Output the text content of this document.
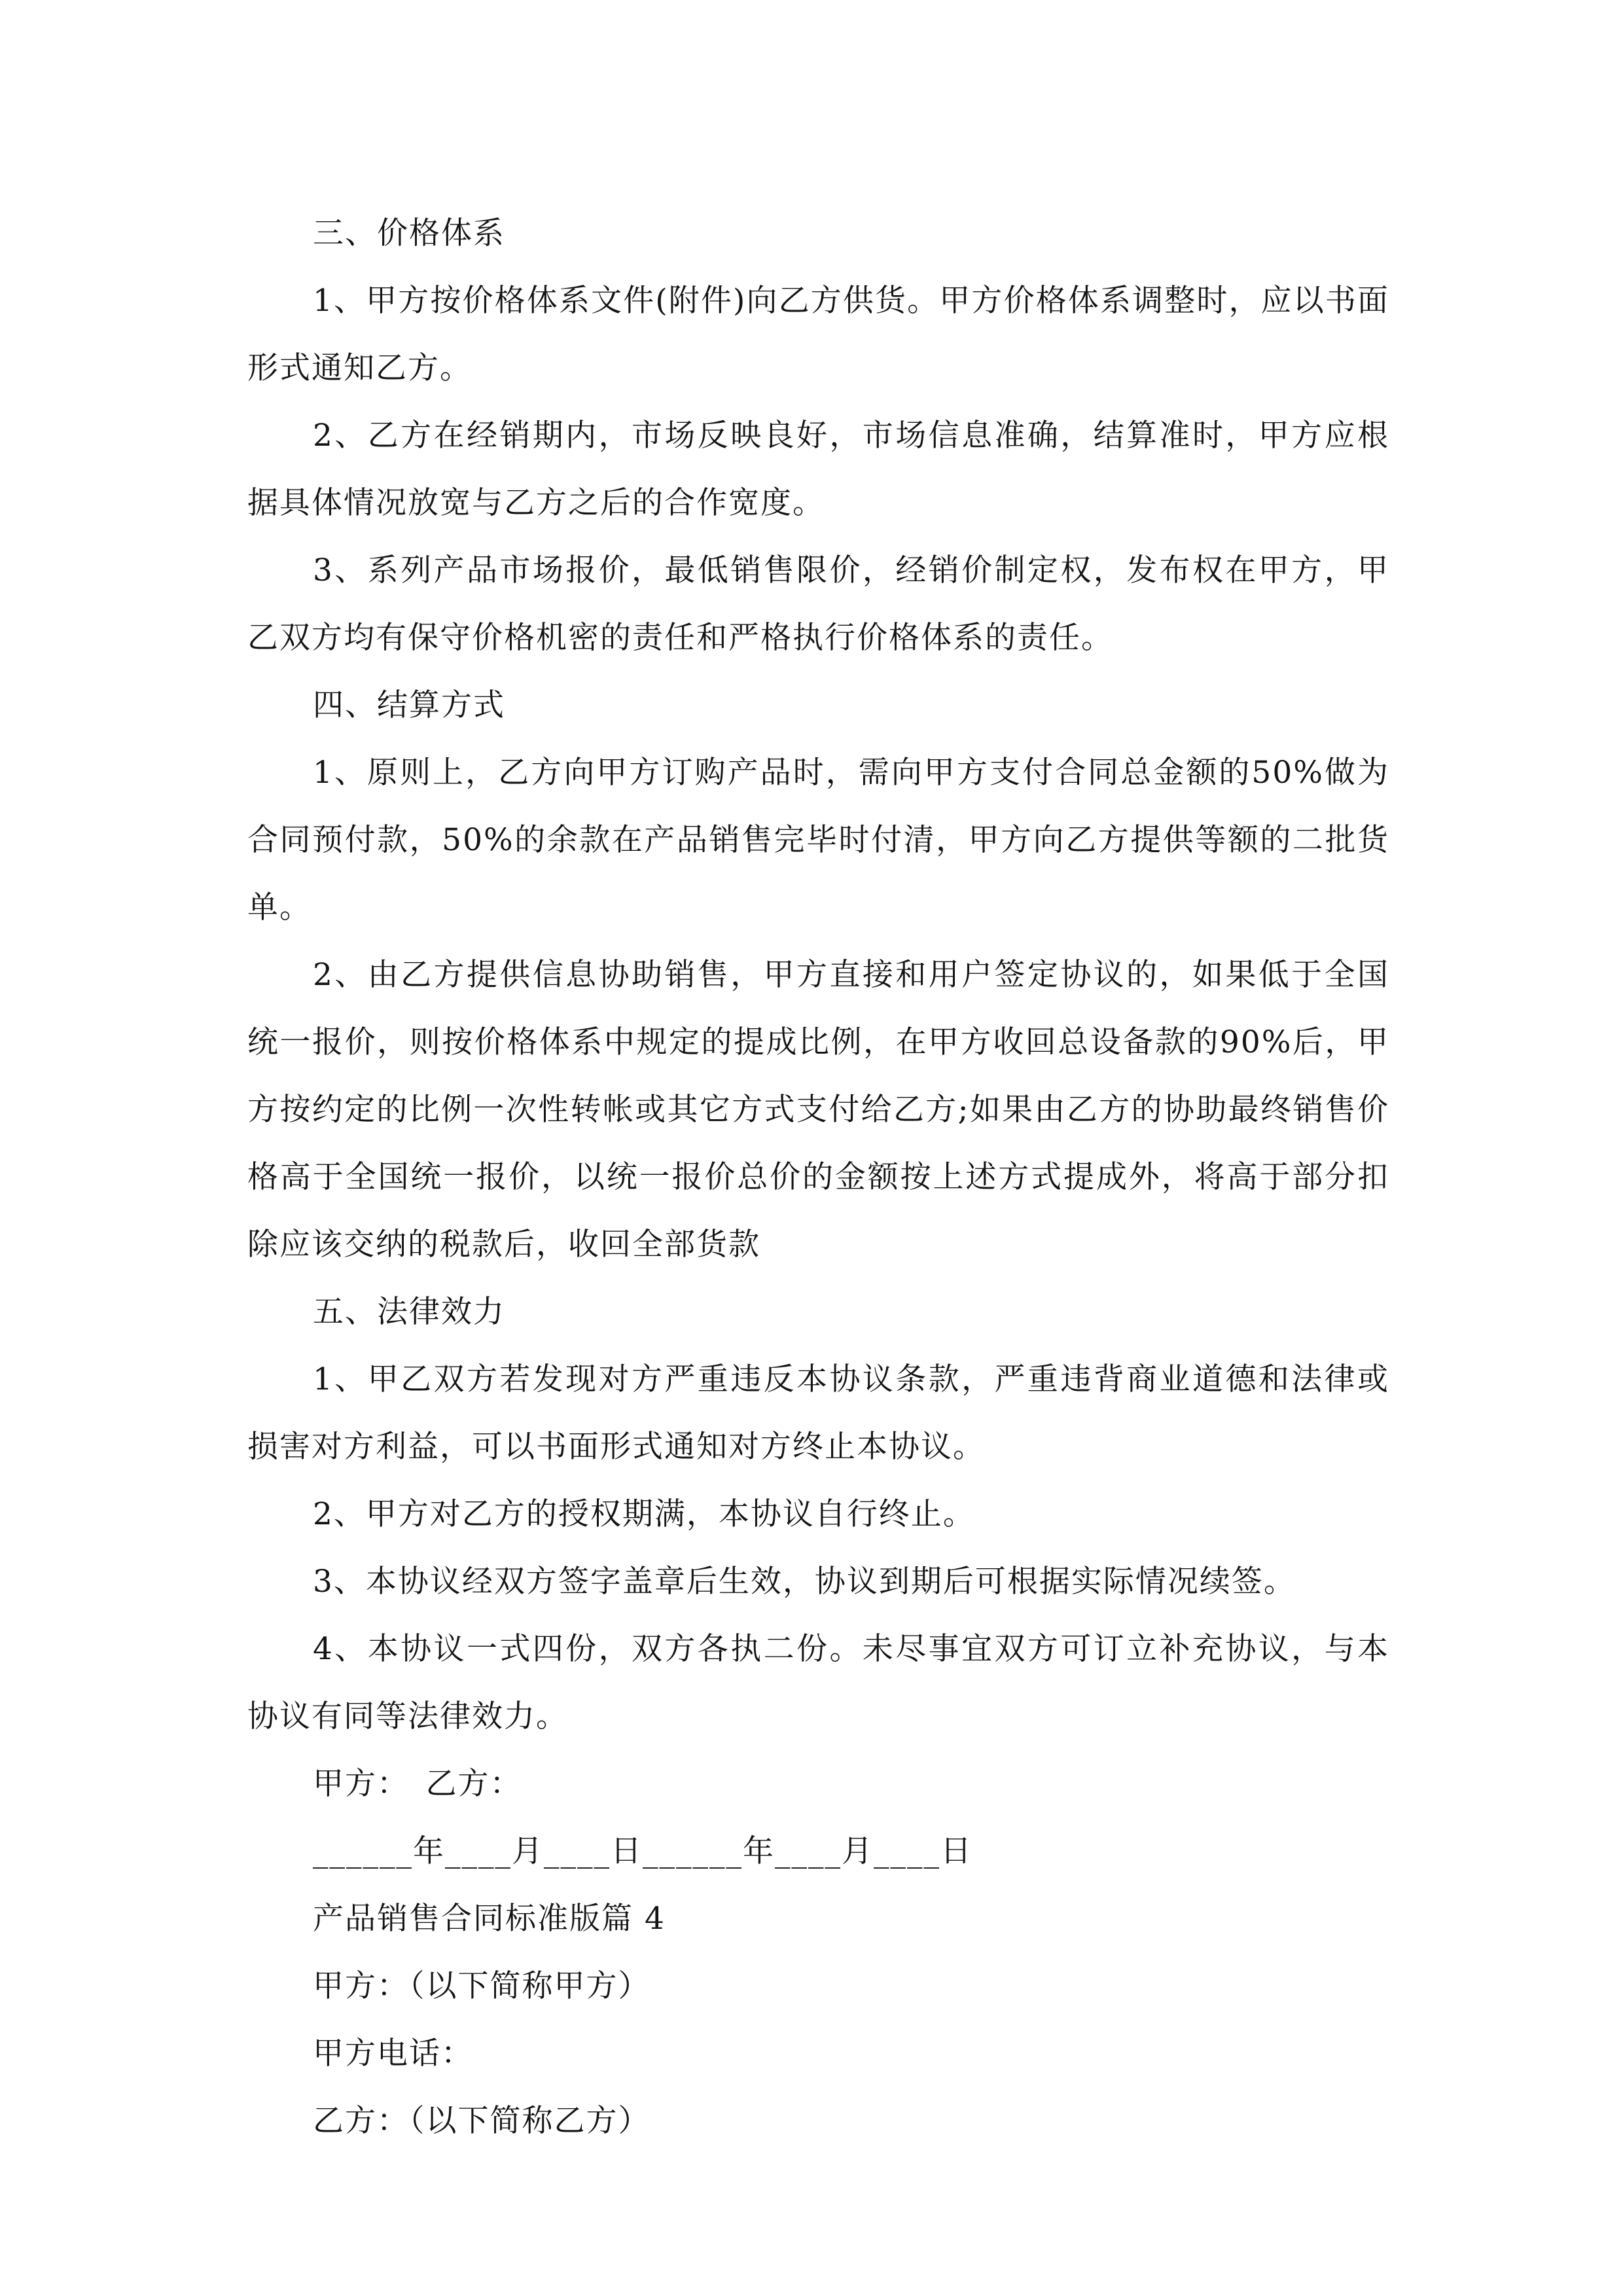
三、价格体系

1、甲方按价格体系文件(附件)向乙方供货。甲方价格体系调整时，应以书面形式通知乙方。

2、乙方在经销期内，市场反映良好，市场信息准确，结算准时，甲方应根据具体情况放宽与乙方之后的合作宽度。

3、系列产品市场报价，最低销售限价，经销价制定权，发布权在甲方，甲乙双方均有保守价格机密的责任和严格执行价格体系的责任。

四、结算方式

1、原则上，乙方向甲方订购产品时，需向甲方支付合同总金额的50%做为合同预付款，50%的余款在产品销售完毕时付清，甲方向乙方提供等额的二批货单。

2、由乙方提供信息协助销售，甲方直接和用户签定协议的，如果低于全国统一报价，则按价格体系中规定的提成比例，在甲方收回总设备款的90%后，甲方按约定的比例一次性转帐或其它方式支付给乙方;如果由乙方的协助最终销售价格高于全国统一报价，以统一报价总价的金额按上述方式提成外，将高于部分扣除应该交纳的税款后，收回全部货款

五、法律效力

1、甲乙双方若发现对方严重违反本协议条款，严重违背商业道德和法律或损害对方利益，可以书面形式通知对方终止本协议。

2、甲方对乙方的授权期满，本协议自行终止。

3、本协议经双方签字盖章后生效，协议到期后可根据实际情况续签。

4、本协议一式四份，双方各执二份。未尽事宜双方可订立补充协议，与本协议有同等法律效力。

甲方：　乙方：

______年____月____日______年____月____日

产品销售合同标准版篇 4

甲方：（以下简称甲方）

甲方电话：

乙方：（以下简称乙方）
